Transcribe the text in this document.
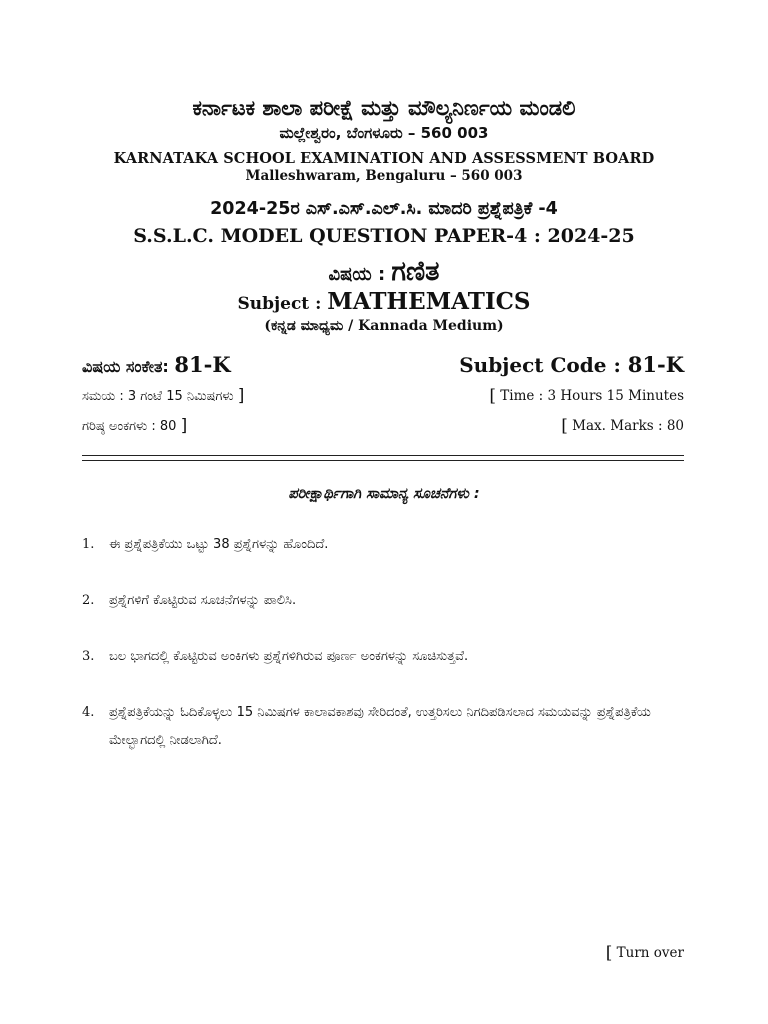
ಕರ್ನಾಟಕ ಶಾಲಾ ಪರೀಕ್ಷೆ ಮತ್ತು ಮೌಲ್ಯನಿರ್ಣಯ ಮಂಡಲಿ
ಮಲ್ಲೇಶ್ವರಂ, ಬೆಂಗಳೂರು – 560 003
KARNATAKA SCHOOL EXAMINATION AND ASSESSMENT BOARD
Malleshwaram, Bengaluru – 560 003
2024-25ರ ಎಸ್.ಎಸ್.ಎಲ್.ಸಿ. ಮಾದರಿ ಪ್ರಶ್ನೆಪತ್ರಿಕೆ -4
S.S.L.C. MODEL QUESTION PAPER-4 : 2024-25
ವಿಷಯ : ಗಣಿತ
Subject : MATHEMATICS
(ಕನ್ನಡ ಮಾಧ್ಯಮ / Kannada Medium)
ವಿಷಯ ಸಂಕೇತ: 81-K	Subject Code : 81-K
ಸಮಯ : 3 ಗಂಟೆ 15 ನಿಮಿಷಗಳು ]	[ Time : 3 Hours 15 Minutes
ಗರಿಷ್ಠ ಅಂಕಗಳು : 80 ]	[ Max. Marks : 80
ಪರೀಕ್ಷಾರ್ಥಿಗಾಗಿ ಸಾಮಾನ್ಯ ಸೂಚನೆಗಳು :
1. ಈ ಪ್ರಶ್ನೆಪತ್ರಿಕೆಯು ಒಟ್ಟು 38 ಪ್ರಶ್ನೆಗಳನ್ನು ಹೊಂದಿದೆ.
2. ಪ್ರಶ್ನೆಗಳಿಗೆ ಕೊಟ್ಟಿರುವ ಸೂಚನೆಗಳನ್ನು ಪಾಲಿಸಿ.
3. ಬಲ ಭಾಗದಲ್ಲಿ ಕೊಟ್ಟಿರುವ ಅಂಕಿಗಳು ಪ್ರಶ್ನೆಗಳಿಗಿರುವ ಪೂರ್ಣ ಅಂಕಗಳನ್ನು ಸೂಚಿಸುತ್ತವೆ.
4. ಪ್ರಶ್ನೆಪತ್ರಿಕೆಯನ್ನು ಓದಿಕೊಳ್ಳಲು 15 ನಿಮಿಷಗಳ ಕಾಲಾವಕಾಶವು ಸೇರಿದಂತೆ, ಉತ್ತರಿಸಲು ನಿಗದಿಪಡಿಸಲಾದ ಸಮಯವನ್ನು ಪ್ರಶ್ನೆಪತ್ರಿಕೆಯ ಮೇಲ್ಭಾಗದಲ್ಲಿ ನೀಡಲಾಗಿದೆ.
[ Turn over
